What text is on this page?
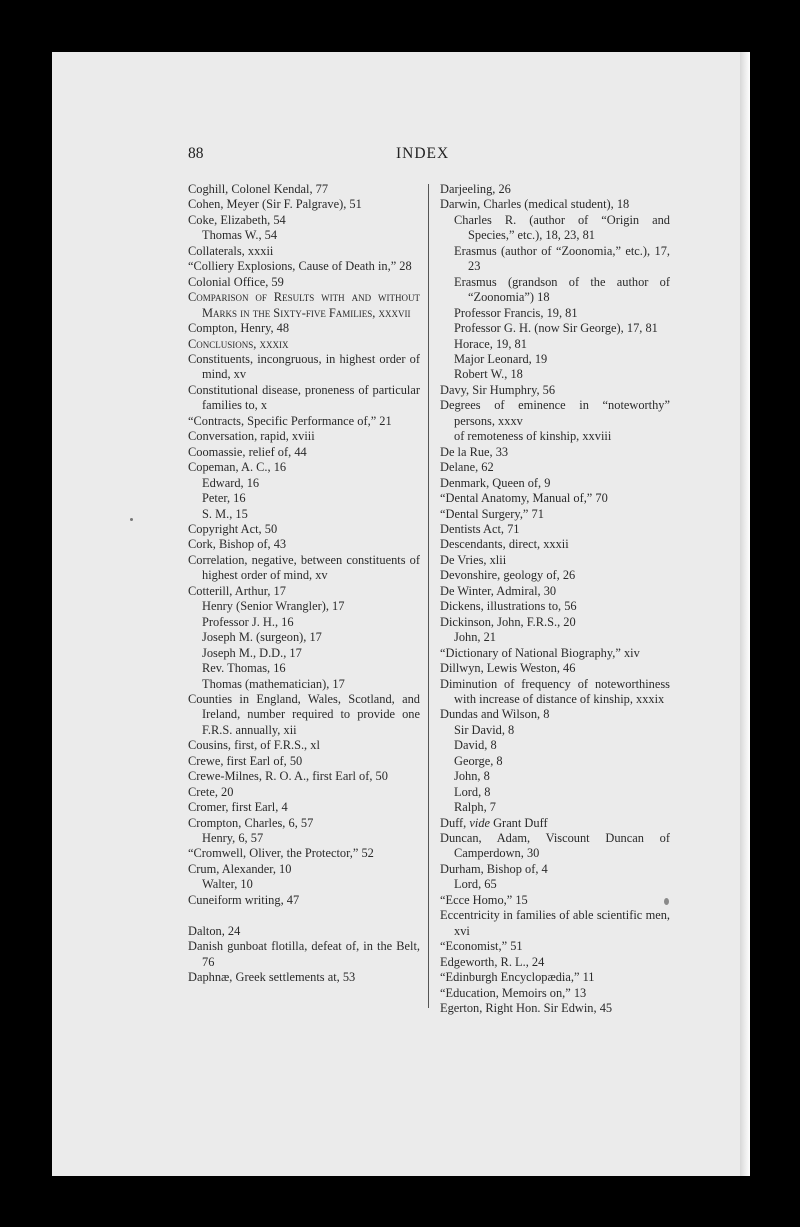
88	INDEX

Coghill, Colonel Kendal, 77

Cohen, Meyer (Sir F. Palgrave), 51

Coke, Elizabeth, 54

Thomas W., 54

Collaterals, xxxii

“Colliery Explosions, Cause of Death in,” 28

Colonial Office, 59

Comparison of Results with and without Marks in the Sixty-five Families, xxxvii

Compton, Henry, 48

Conclusions, xxxix

Constituents, incongruous, in highest order of mind, xv

Constitutional disease, proneness of particular families to, x

“Contracts, Specific Performance of,” 21

Conversation, rapid, xviii

Coomassie, relief of, 44

Copeman, A. C., 16

Edward, 16

Peter, 16

S. M., 15

Copyright Act, 50

Cork, Bishop of, 43

Correlation, negative, between constituents of highest order of mind, xv

Cotterill, Arthur, 17

Henry (Senior Wrangler), 17

Professor J. H., 16

Joseph M. (surgeon), 17

Joseph M., D.D., 17

Rev. Thomas, 16

Thomas (mathematician), 17

Counties in England, Wales, Scotland, and Ireland, number required to provide one F.R.S. annually, xii

Cousins, first, of F.R.S., xl

Crewe, first Earl of, 50

Crewe-Milnes, R. O. A., first Earl of, 50

Crete, 20

Cromer, first Earl, 4

Crompton, Charles, 6, 57

Henry, 6, 57

“Cromwell, Oliver, the Protector,” 52

Crum, Alexander, 10

Walter, 10

Cuneiform writing, 47

Dalton, 24

Danish gunboat flotilla, defeat of, in the Belt, 76

Daphnæ, Greek settlements at, 53

Darjeeling, 26

Darwin, Charles (medical student), 18

Charles R. (author of “Origin and Species,” etc.), 18, 23, 81

Erasmus (author of “Zoonomia,” etc.), 17, 23

Erasmus (grandson of the author of “Zoonomia”) 18

Professor Francis, 19, 81

Professor G. H. (now Sir George), 17, 81

Horace, 19, 81

Major Leonard, 19

Robert W., 18

Davy, Sir Humphry, 56

Degrees of eminence in “noteworthy” persons, xxxv

of remoteness of kinship, xxviii

De la Rue, 33

Delane, 62

Denmark, Queen of, 9

“Dental Anatomy, Manual of,” 70

“Dental Surgery,” 71

Dentists Act, 71

Descendants, direct, xxxii

De Vries, xlii

Devonshire, geology of, 26

De Winter, Admiral, 30

Dickens, illustrations to, 56

Dickinson, John, F.R.S., 20

John, 21

“Dictionary of National Biography,” xiv

Dillwyn, Lewis Weston, 46

Diminution of frequency of noteworthiness with increase of distance of kinship, xxxix

Dundas and Wilson, 8

Sir David, 8

David, 8

George, 8

John, 8

Lord, 8

Ralph, 7

Duff, vide Grant Duff

Duncan, Adam, Viscount Duncan of Camperdown, 30

Durham, Bishop of, 4

Lord, 65

“Ecce Homo,” 15

Eccentricity in families of able scientific men, xvi

“Economist,” 51

Edgeworth, R. L., 24

“Edinburgh Encyclopædia,” 11

“Education, Memoirs on,” 13

Egerton, Right Hon. Sir Edwin, 45
